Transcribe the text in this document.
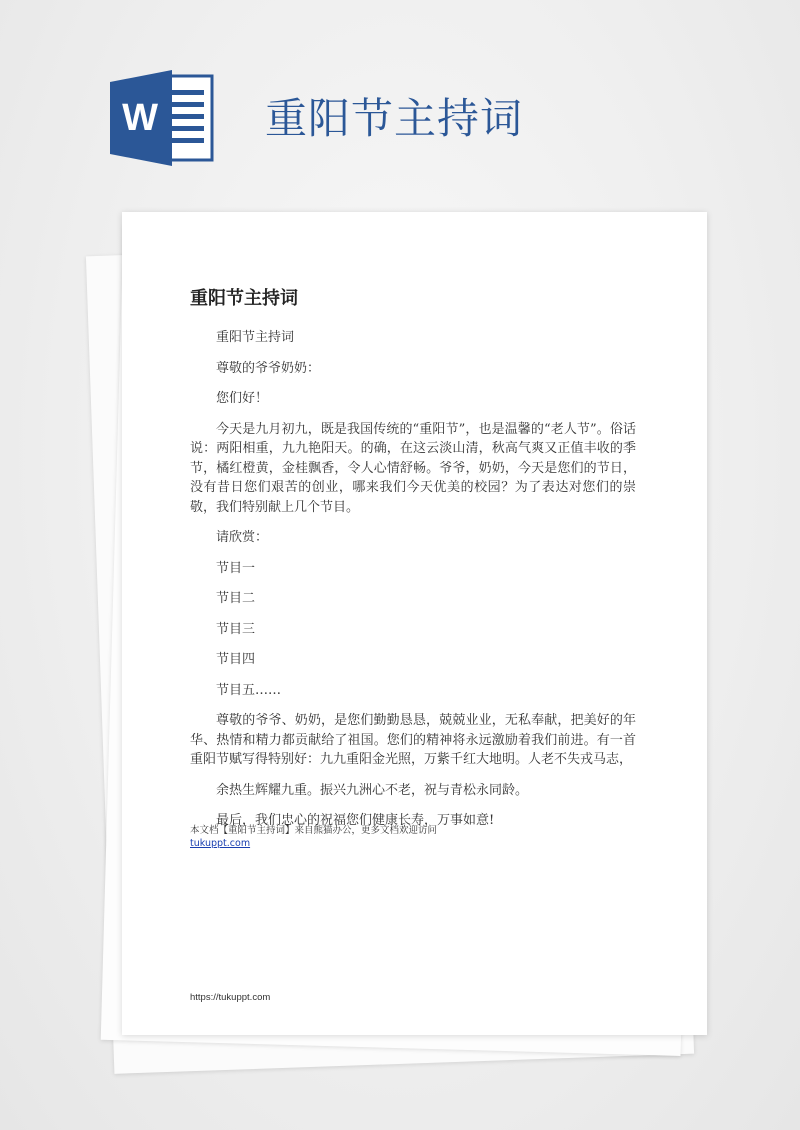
W	重阳节主持词
重阳节主持词

重阳节主持词

尊敬的爷爷奶奶：

您们好！

今天是九月初九，既是我国传统的“重阳节”，也是温馨的“老人节”。俗话说：两阳相重，九九艳阳天。的确，在这云淡山清，秋高气爽又正值丰收的季节，橘红橙黄，金桂飘香，令人心情舒畅。爷爷，奶奶，今天是您们的节日，没有昔日您们艰苦的创业，哪来我们今天优美的校园？为了表达对您们的崇敬，我们特别献上几个节目。

请欣赏：

节目一

节目二

节目三

节目四

节目五……

尊敬的爷爷、奶奶，是您们勤勤恳恳，兢兢业业，无私奉献，把美好的年华、热情和精力都贡献给了祖国。您们的精神将永远激励着我们前进。有一首重阳节赋写得特别好：九九重阳金光照，万紫千红大地明。人老不失戎马志，

余热生辉耀九重。振兴九洲心不老，祝与青松永同龄。

最后，我们忠心的祝福您们健康长寿，万事如意!

本文档【重阳节主持词】来自熊猫办公，更多文档欢迎访问
tukuppt.com
https://tukuppt.com
